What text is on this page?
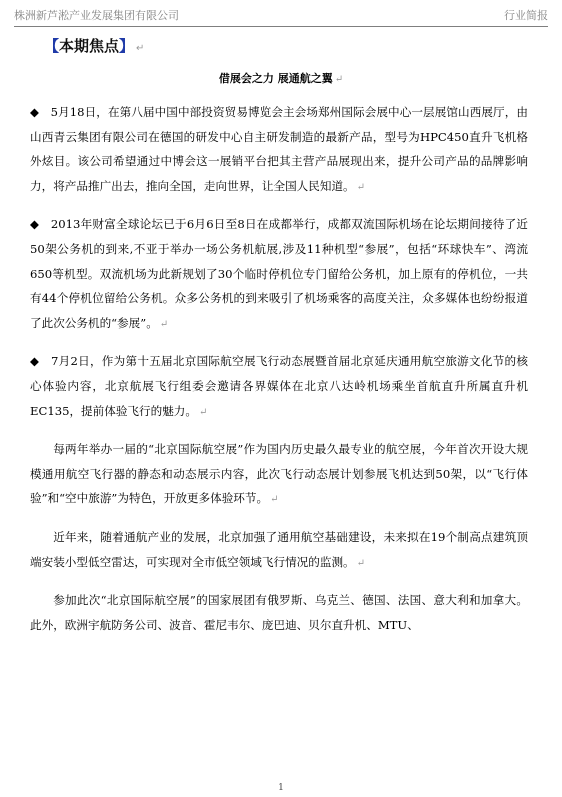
株洲新芦淞产业发展集团有限公司	行业简报
【本期焦点】 ↵
借展会之力 展通航之翼 ↵

◆　5月18日，在第八届中国中部投资贸易博览会主会场郑州国际会展中心一层展馆山西展厅，由山西青云集团有限公司在德国的研发中心自主研发制造的最新产品，型号为HPC450直升飞机格外炫目。该公司希望通过中博会这一展销平台把其主营产品展现出来，提升公司产品的品牌影响力，将产品推广出去，推向全国，走向世界，让全国人民知道。 ↵

◆　2013年财富全球论坛已于6月6日至8日在成都举行，成都双流国际机场在论坛期间接待了近50架公务机的到来,不亚于举办一场公务机航展,涉及11种机型“参展”，包括“环球快车”、湾流650等机型。双流机场为此新规划了30个临时停机位专门留给公务机，加上原有的停机位，一共有44个停机位留给公务机。众多公务机的到来吸引了机场乘客的高度关注，众多媒体也纷纷报道了此次公务机的“参展”。 ↵

◆　7月2日，作为第十五届北京国际航空展飞行动态展暨首届北京延庆通用航空旅游文化节的核心体验内容，北京航展飞行组委会邀请各界媒体在北京八达岭机场乘坐首航直升所属直升机EC135，提前体验飞行的魅力。 ↵

每两年举办一届的“北京国际航空展”作为国内历史最久最专业的航空展，今年首次开设大规模通用航空飞行器的静态和动态展示内容，此次飞行动态展计划参展飞机达到50架，以“飞行体验”和“空中旅游”为特色，开放更多体验环节。 ↵

近年来，随着通航产业的发展，北京加强了通用航空基础建设，未来拟在19个制高点建筑顶端安装小型低空雷达，可实现对全市低空领域飞行情况的监测。 ↵

参加此次“北京国际航空展”的国家展团有俄罗斯、乌克兰、德国、法国、意大利和加拿大。此外，欧洲宇航防务公司、波音、霍尼韦尔、庞巴迪、贝尔直升机、MTU、

1
